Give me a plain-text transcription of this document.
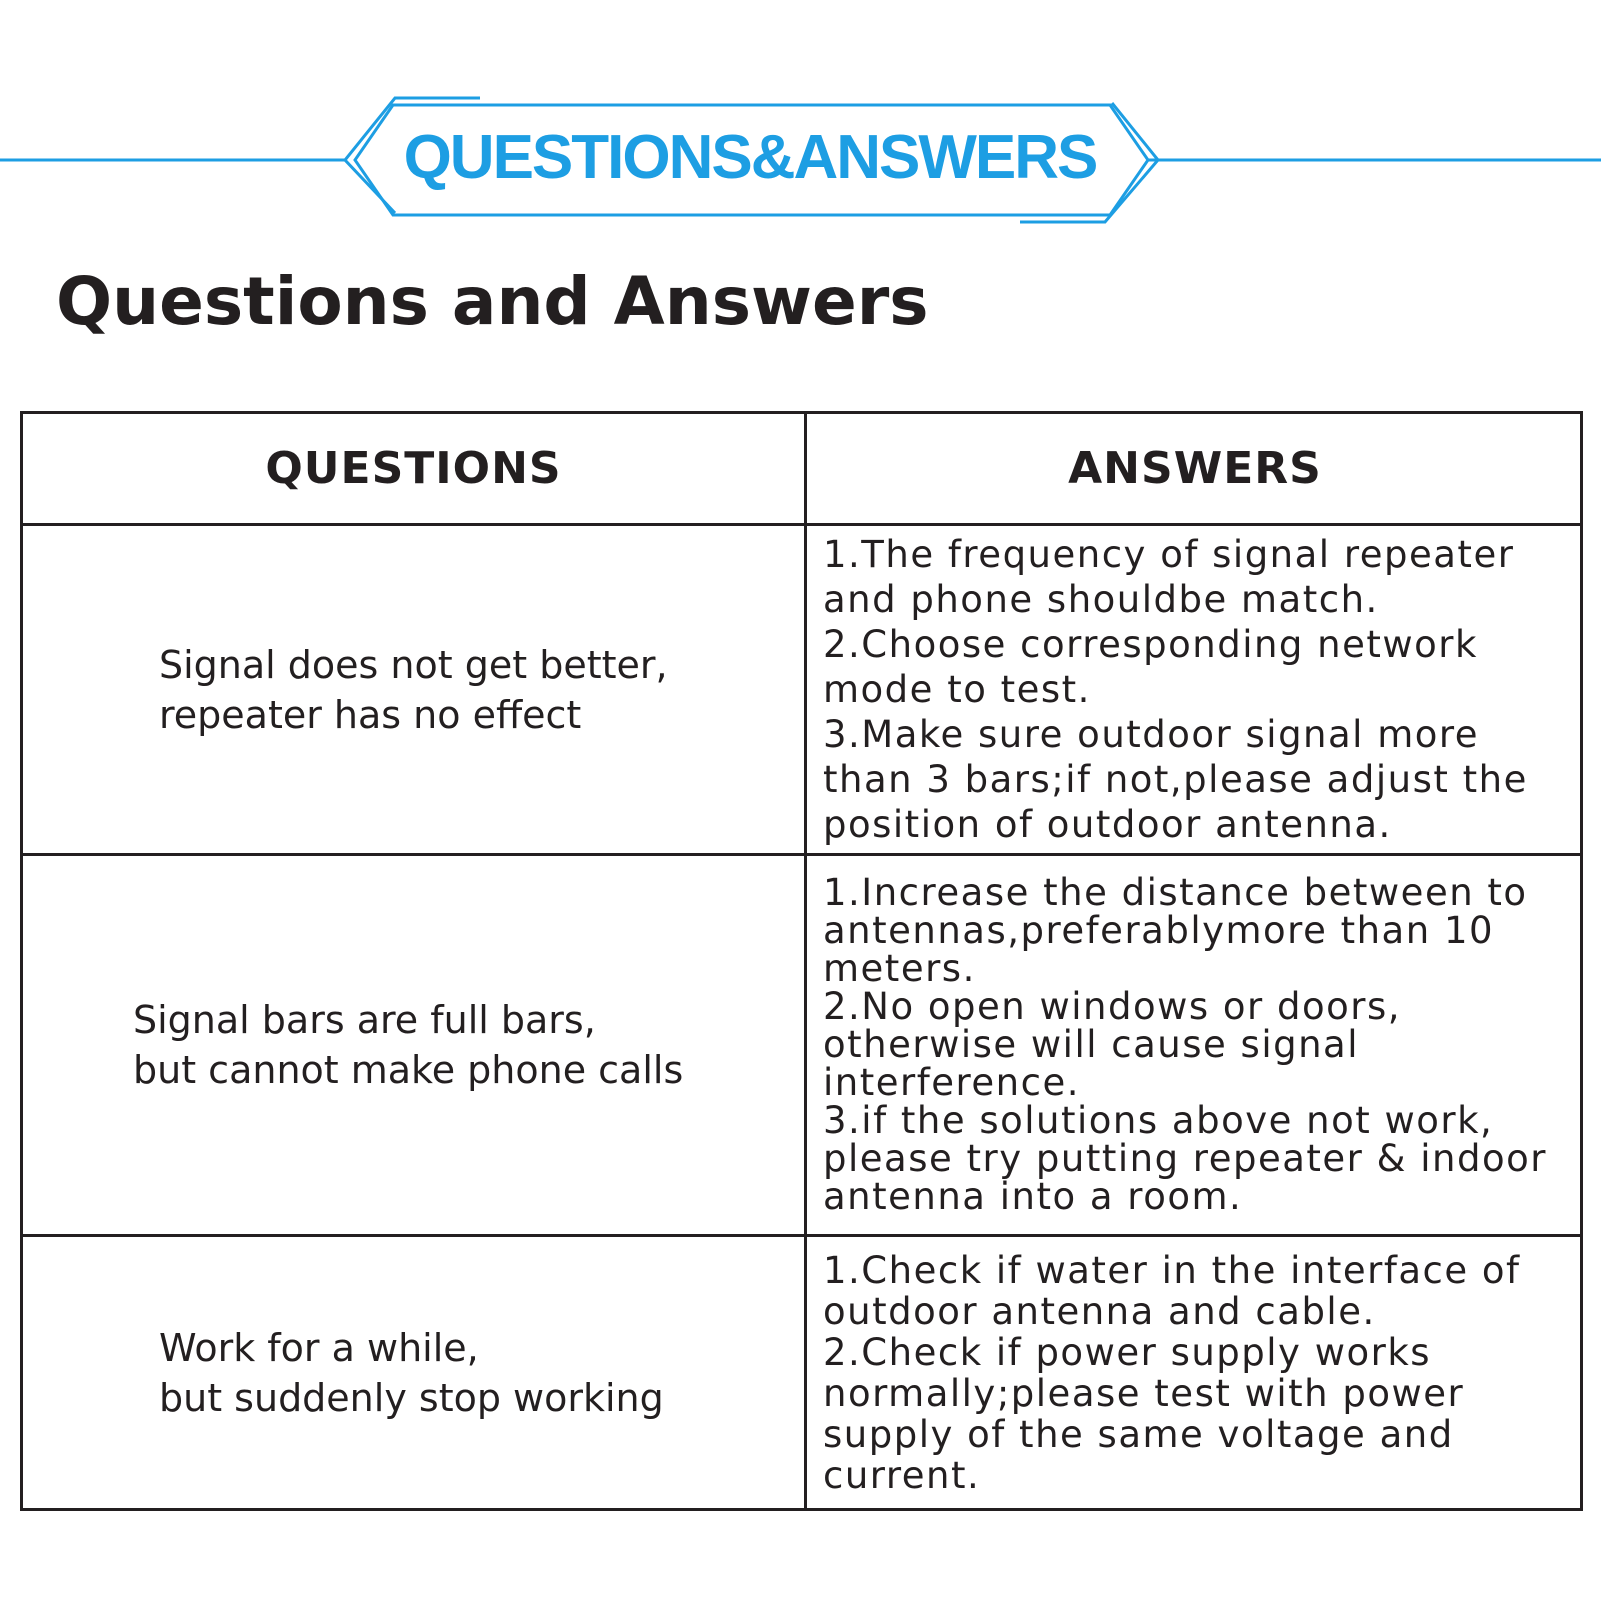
QUESTIONS&ANSWERS
Questions and Answers
QUESTIONS	ANSWERS
Signal does not get better,
repeater has no effect
1.The frequency of signal repeater
and phone shouldbe match.
2.Choose corresponding network
mode to test.
3.Make sure outdoor signal more
than 3 bars;if not,please adjust the
position of outdoor antenna.
Signal bars are full bars,
but cannot make phone calls
1.Increase the distance between to
antennas,preferablymore than 10
meters.
2.No open windows or doors,
otherwise will cause signal
interference.
3.if the solutions above not work,
please try putting repeater & indoor
antenna into a room.
Work for a while,
but suddenly stop working
1.Check if water in the interface of
outdoor antenna and cable.
2.Check if power supply works
normally;please test with power
supply of the same voltage and
current.
